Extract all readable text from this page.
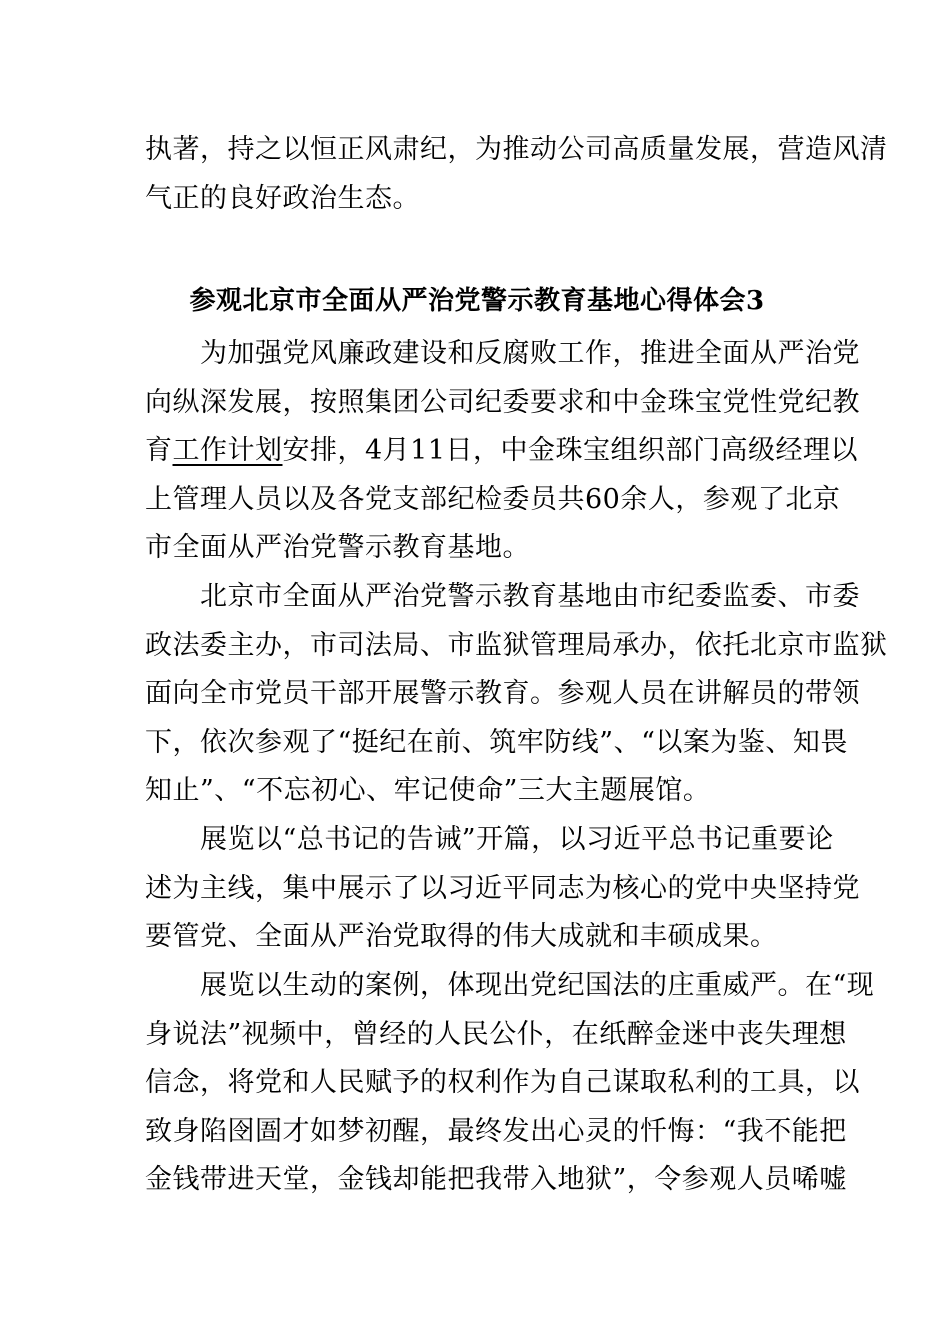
执著，持之以恒正风肃纪，为推动公司高质量发展，营造风清
气正的良好政治生态。
参观北京市全面从严治党警示教育基地心得体会3
　　为加强党风廉政建设和反腐败工作，推进全面从严治党
向纵深发展，按照集团公司纪委要求和中金珠宝党性党纪教
育工作计划安排，4月11日，中金珠宝组织部门高级经理以
上管理人员以及各党支部纪检委员共60余人，参观了北京
市全面从严治党警示教育基地。
　　北京市全面从严治党警示教育基地由市纪委监委、市委
政法委主办，市司法局、市监狱管理局承办，依托北京市监狱
面向全市党员干部开展警示教育。参观人员在讲解员的带领
下，依次参观了“挺纪在前、筑牢防线”、“以案为鉴、知畏
知止”、“不忘初心、牢记使命”三大主题展馆。
　　展览以“总书记的告诫”开篇，以习近平总书记重要论
述为主线，集中展示了以习近平同志为核心的党中央坚持党
要管党、全面从严治党取得的伟大成就和丰硕成果。
　　展览以生动的案例，体现出党纪国法的庄重威严。在“现
身说法”视频中，曾经的人民公仆，在纸醉金迷中丧失理想
信念，将党和人民赋予的权利作为自己谋取私利的工具，以
致身陷囹圄才如梦初醒，最终发出心灵的忏悔：“我不能把
金钱带进天堂，金钱却能把我带入地狱”，令参观人员唏嘘
